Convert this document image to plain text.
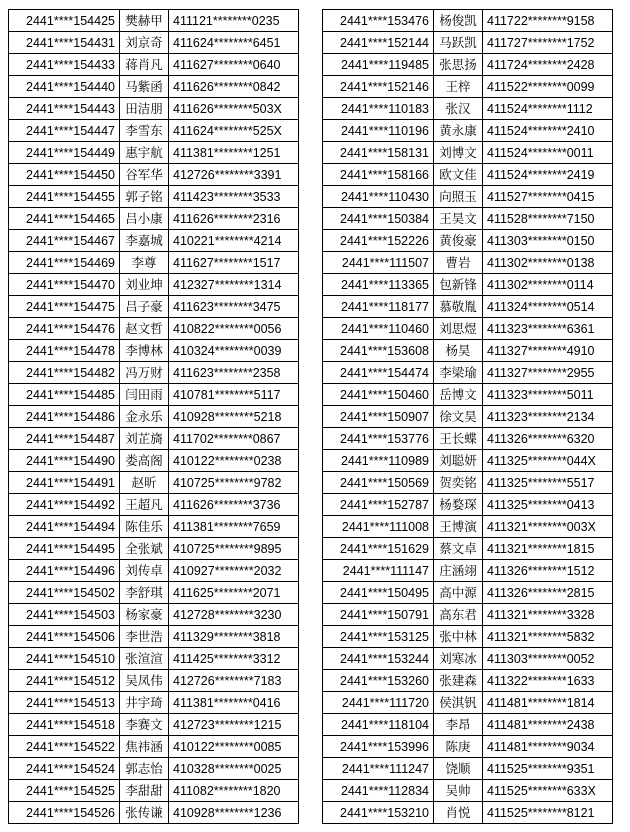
2441****154425	樊赫甲	411121********0235
2441****154431	刘京奇	411624********6451
2441****154433	蒋肖凡	411627********0640
2441****154440	马紫函	411626********0842
2441****154443	田洁朋	411626********503X
2441****154447	李雪东	411624********525X
2441****154449	惠宇航	411381********1251
2441****154450	谷军华	412726********3391
2441****154455	郭子铭	411423********3533
2441****154465	吕小康	411626********2316
2441****154467	李嘉城	410221********4214
2441****154469	李尊	411627********1517
2441****154470	刘业坤	412327********1314
2441****154475	吕子豪	411623********3475
2441****154476	赵文哲	410822********0056
2441****154478	李博林	410324********0039
2441****154482	冯万财	411623********2358
2441****154485	闫田雨	410781********5117
2441****154486	金永乐	410928********5218
2441****154487	刘芷旖	411702********0867
2441****154490	娄高阁	410122********0238
2441****154491	赵昕	410725********9782
2441****154492	王超凡	411626********3736
2441****154494	陈佳乐	411381********7659
2441****154495	全张斌	410725********9895
2441****154496	刘传卓	410927********2032
2441****154502	李舒琪	411625********2071
2441****154503	杨家豪	412728********3230
2441****154506	李世浩	411329********3818
2441****154510	张渲渲	411425********3312
2441****154512	吴凤伟	412726********7183
2441****154513	井宇琦	411381********0416
2441****154518	李赛文	412723********1215
2441****154522	焦祎涵	410122********0085
2441****154524	郭志怡	410328********0025
2441****154525	李甜甜	411082********1820
2441****154526	张传谦	410928********1236
2441****153476	杨俊凯	411722********9158
2441****152144	马跃凯	411727********1752
2441****119485	张思扬	411724********2428
2441****152146	王梓	411522********0099
2441****110183	张汉	411524********1112
2441****110196	黄永康	411524********2410
2441****158131	刘博文	411524********0011
2441****158166	欧文佳	411524********2419
2441****110430	向照玉	411527********0415
2441****150384	王昊文	411528********7150
2441****152226	黄俊豪	411303********0150
2441****111507	曹岩	411302********0138
2441****113365	包新锋	411302********0114
2441****118177	慕敬胤	411324********0514
2441****110460	刘思煜	411323********6361
2441****153608	杨昊	411327********4910
2441****154474	李梁瑜	411327********2955
2441****150460	岳博文	411323********5011
2441****150907	徐文昊	411323********2134
2441****153776	王长蝶	411326********6320
2441****110989	刘聪妍	411325********044X
2441****150569	贺奕铭	411325********5517
2441****152787	杨婺琛	411325********0413
2441****111008	王博演	411321********003X
2441****151629	蔡文卓	411321********1815
2441****111147	庄涵翊	411326********1512
2441****150495	高中源	411326********2815
2441****150791	高东君	411321********3328
2441****153125	张中林	411321********5832
2441****153244	刘寒冰	411303********0052
2441****153260	张建森	411322********1633
2441****111720	侯淇钒	411481********1814
2441****118104	李昂	411481********2438
2441****153996	陈庚	411481********9034
2441****111247	饶顺	411525********9351
2441****112834	吴帅	411525********633X
2441****153210	肖悦	411525********8121
